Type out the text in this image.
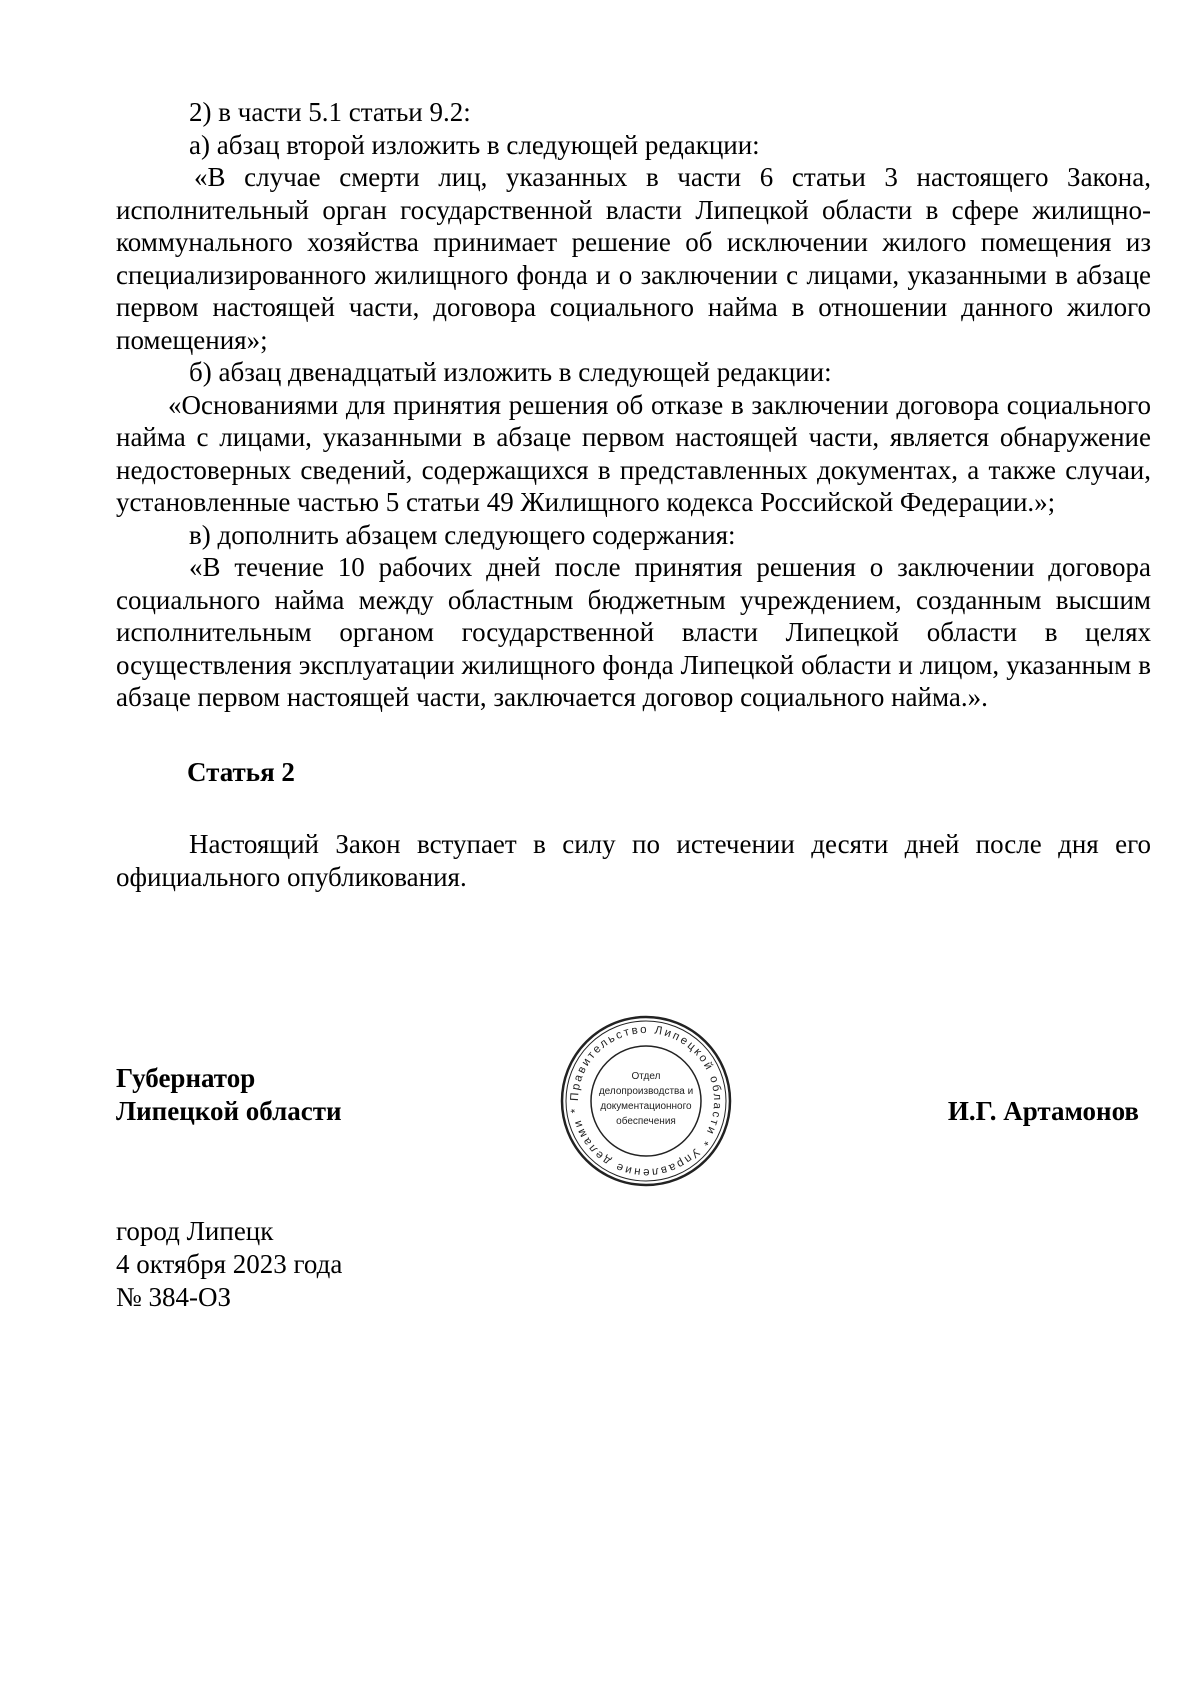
2) в части 5.1 статьи 9.2:

а) абзац второй изложить в следующей редакции:

«В случае смерти лиц, указанных в части 6 статьи 3 настоящего Закона, исполнительный орган государственной власти Липецкой области в сфере жилищно-коммунального хозяйства принимает решение об исключении жилого помещения из специализированного жилищного фонда и о заключении с лицами, указанными в абзаце первом настоящей части, договора социального найма в отношении данного жилого помещения»;

б) абзац двенадцатый изложить в следующей редакции:

«Основаниями для принятия решения об отказе в заключении договора социального найма с лицами, указанными в абзаце первом настоящей части, является обнаружение недостоверных сведений, содержащихся в представленных документах, а также случаи, установленные частью 5 статьи 49 Жилищного кодекса Российской Федерации.»;

в) дополнить абзацем следующего содержания:

«В течение 10 рабочих дней после принятия решения о заключении договора социального найма между областным бюджетным учреждением, созданным высшим исполнительным органом государственной власти Липецкой области в целях осуществления эксплуатации жилищного фонда Липецкой области и лицом, указанным в абзаце первом настоящей части, заключается договор социального найма.».

Статья 2

Настоящий Закон вступает в силу по истечении десяти дней после дня его официального опубликования.

Губернатор
Липецкой области	Правительство Липецкой области * Управление делами *
Отдел
делопроизводства и
документационного
обеспечения	И.Г. Артамонов
город Липецк
4 октября 2023 года
№ 384-ОЗ
